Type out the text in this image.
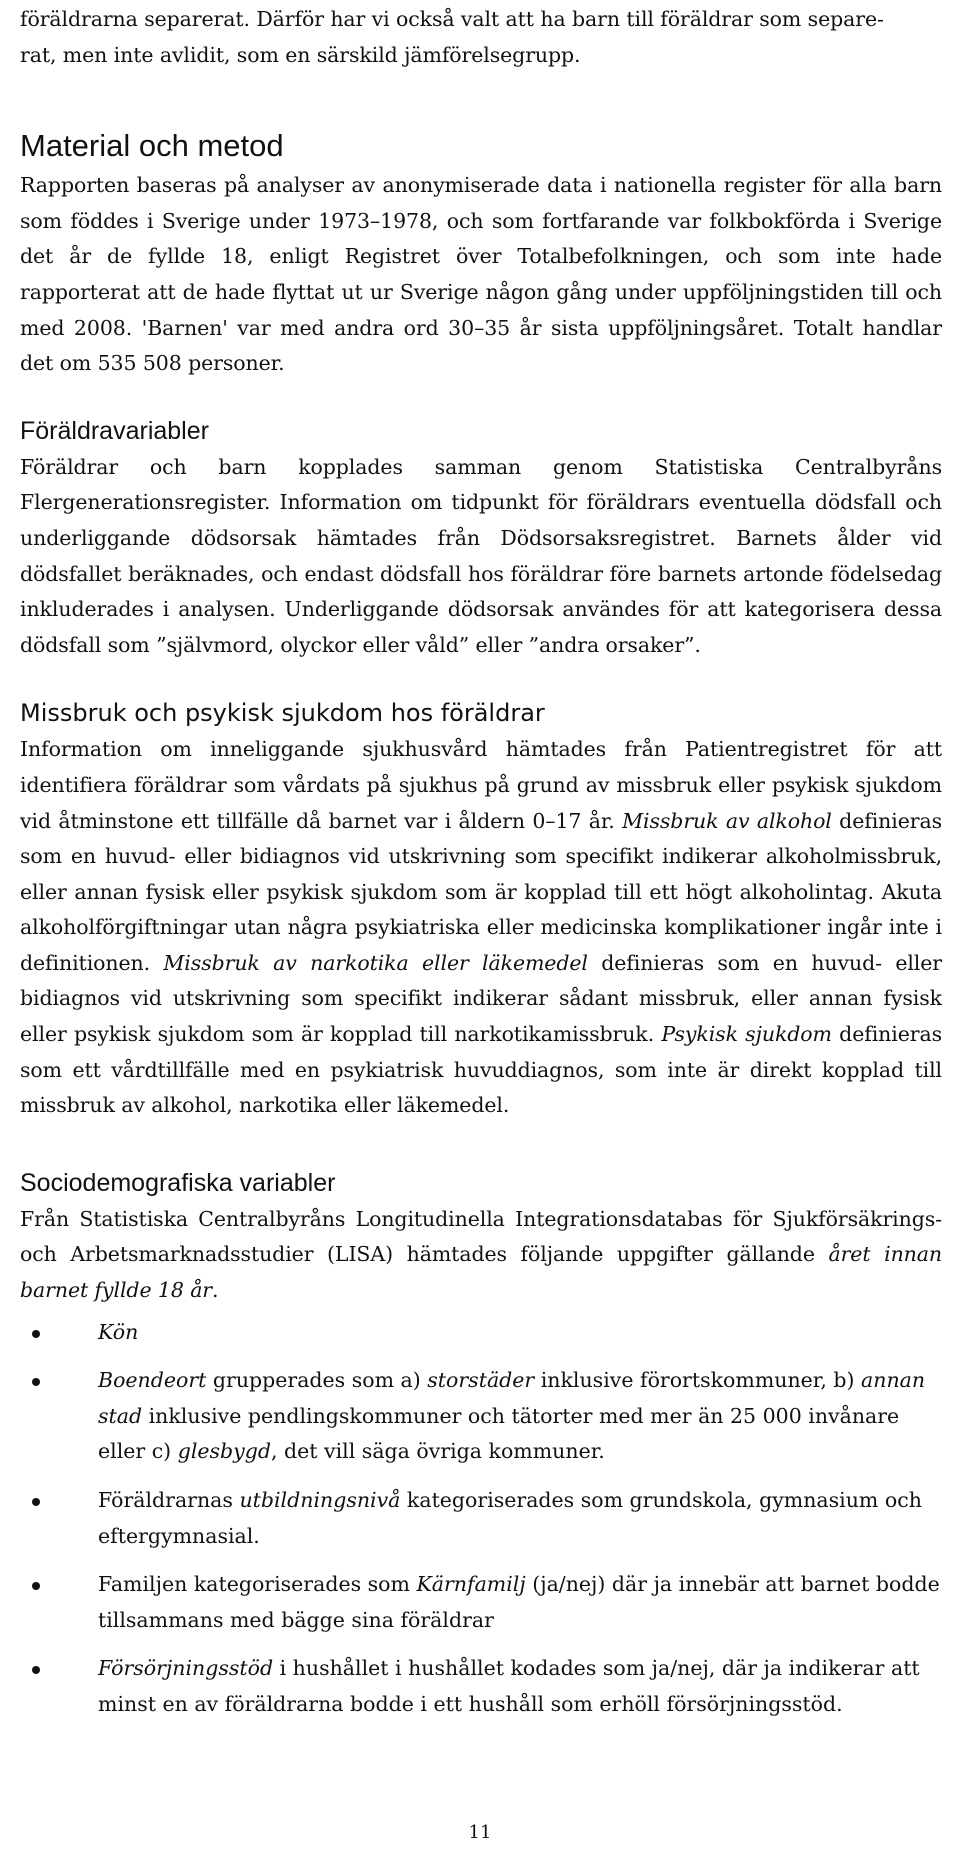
föräldrarna separerat. Därför har vi också valt att ha barn till föräldrar som separe-
rat, men inte avlidit, som en särskild jämförelsegrupp.

Material och metod

Rapporten baseras på analyser av anonymiserade data i nationella register för alla barn som föddes i Sverige under 1973–1978, och som fortfarande var folkbokförda i Sverige det år de fyllde 18, enligt Registret över Totalbefolkningen, och som inte hade rapporterat att de hade flyttat ut ur Sverige någon gång under uppföljningstiden till och med 2008. 'Barnen' var med andra ord 30–35 år sista uppföljningsåret. Totalt handlar det om 535 508 personer.

Föräldravariabler

Föräldrar och barn kopplades samman genom Statistiska Centralbyråns Flergenerationsregister. Information om tidpunkt för föräldrars eventuella dödsfall och underliggande dödsorsak hämtades från Dödsorsaksregistret. Barnets ålder vid dödsfallet beräknades, och endast dödsfall hos föräldrar före barnets artonde födelsedag inkluderades i analysen. Underliggande dödsorsak användes för att kategorisera dessa dödsfall som ”självmord, olyckor eller våld” eller ”andra orsaker”.

Missbruk och psykisk sjukdom hos föräldrar

Information om inneliggande sjukhusvård hämtades från Patientregistret för att identifiera föräldrar som vårdats på sjukhus på grund av missbruk eller psykisk sjukdom vid åtminstone ett tillfälle då barnet var i åldern 0–17 år. Missbruk av alkohol definieras som en huvud- eller bidiagnos vid utskrivning som specifikt indikerar alkoholmissbruk, eller annan fysisk eller psykisk sjukdom som är kopplad till ett högt alkoholintag. Akuta alkoholförgiftningar utan några psykiatriska eller medicinska komplikationer ingår inte i definitionen. Missbruk av narkotika eller läkemedel definieras som en huvud- eller bidiagnos vid utskrivning som specifikt indikerar sådant missbruk, eller annan fysisk eller psykisk sjukdom som är kopplad till narkotikamissbruk. Psykisk sjukdom definieras som ett vårdtillfälle med en psykiatrisk huvuddiagnos, som inte är direkt kopplad till missbruk av alkohol, narkotika eller läkemedel.

Sociodemografiska variabler

Från Statistiska Centralbyråns Longitudinella Integrationsdatabas för Sjukförsäkrings- och Arbetsmarknadsstudier (LISA) hämtades följande uppgifter gällande året innan barnet fyllde 18 år.

Kön
Boendeort grupperades som a) storstäder inklusive förortskommuner, b) annan stad inklusive pendlingskommuner och tätorter med mer än 25 000 invånare eller c) glesbygd, det vill säga övriga kommuner.
Föräldrarnas utbildningsnivå kategoriserades som grundskola, gymnasium och eftergymnasial.
Familjen kategoriserades som Kärnfamilj (ja/nej) där ja innebär att barnet bodde tillsammans med bägge sina föräldrar
Försörjningsstöd i hushållet i hushållet kodades som ja/nej, där ja indikerar att minst en av föräldrarna bodde i ett hushåll som erhöll försörjningsstöd.
11
